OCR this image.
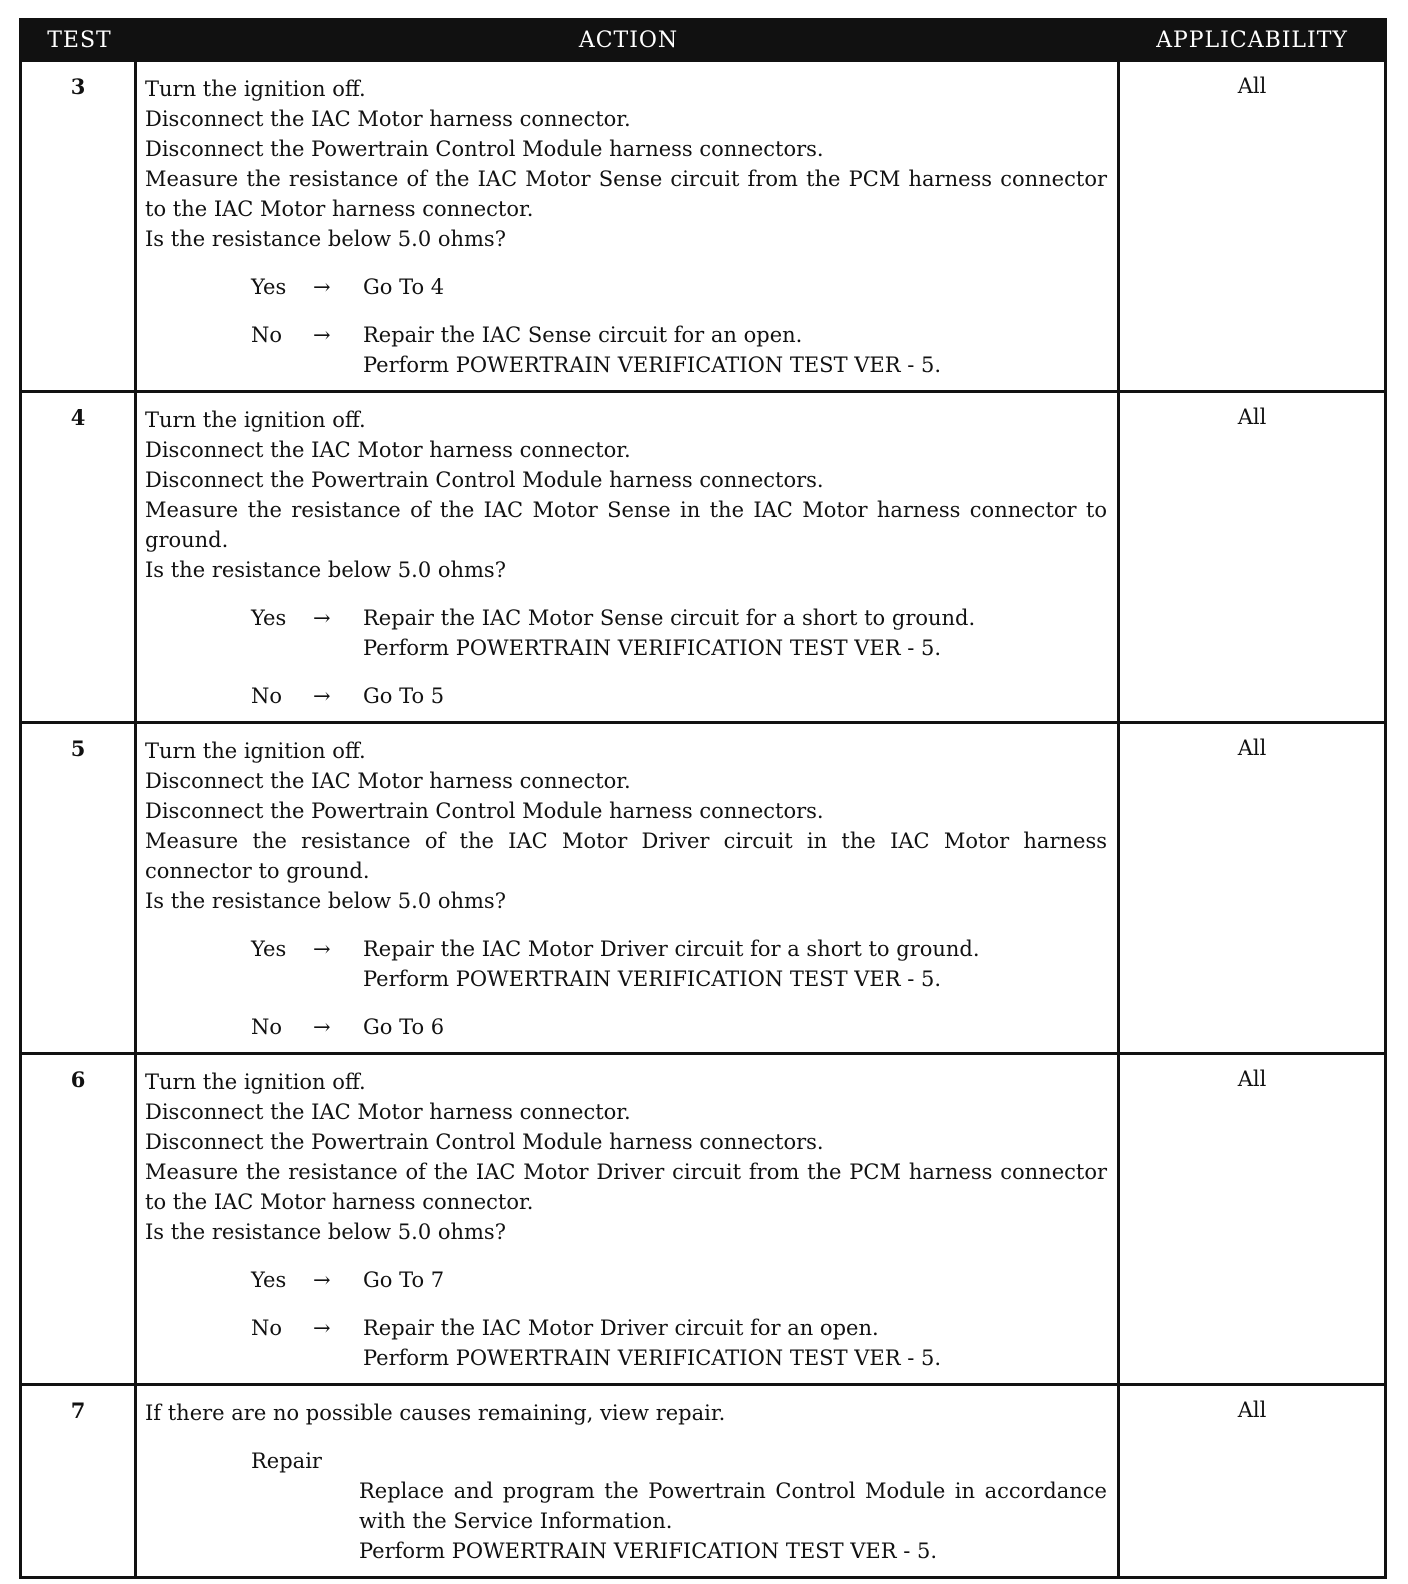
TEST	ACTION	APPLICABILITY
3	Turn the ignition off.
Disconnect the IAC Motor harness connector.
Disconnect the Powertrain Control Module harness connectors.
Measure the resistance of the IAC Motor Sense circuit from the PCM harness connector to the IAC Motor harness connector.
Is the resistance below 5.0 ohms?
Yes	→	Go To 4
No	→	Repair the IAC Sense circuit for an open.
Perform POWERTRAIN VERIFICATION TEST VER - 5.
All
4	Turn the ignition off.
Disconnect the IAC Motor harness connector.
Disconnect the Powertrain Control Module harness connectors.
Measure the resistance of the IAC Motor Sense in the IAC Motor harness connector to ground.
Is the resistance below 5.0 ohms?
Yes	→	Repair the IAC Motor Sense circuit for a short to ground.
Perform POWERTRAIN VERIFICATION TEST VER - 5.
No	→	Go To 5
All
5	Turn the ignition off.
Disconnect the IAC Motor harness connector.
Disconnect the Powertrain Control Module harness connectors.
Measure the resistance of the IAC Motor Driver circuit in the IAC Motor harness connector to ground.
Is the resistance below 5.0 ohms?
Yes	→	Repair the IAC Motor Driver circuit for a short to ground.
Perform POWERTRAIN VERIFICATION TEST VER - 5.
No	→	Go To 6
All
6	Turn the ignition off.
Disconnect the IAC Motor harness connector.
Disconnect the Powertrain Control Module harness connectors.
Measure the resistance of the IAC Motor Driver circuit from the PCM harness connector to the IAC Motor harness connector.
Is the resistance below 5.0 ohms?
Yes	→	Go To 7
No	→	Repair the IAC Motor Driver circuit for an open.
Perform POWERTRAIN VERIFICATION TEST VER - 5.
All
7	If there are no possible causes remaining, view repair.
Repair
Replace and program the Powertrain Control Module in accordance with the Service Information.
Perform POWERTRAIN VERIFICATION TEST VER - 5.
All
